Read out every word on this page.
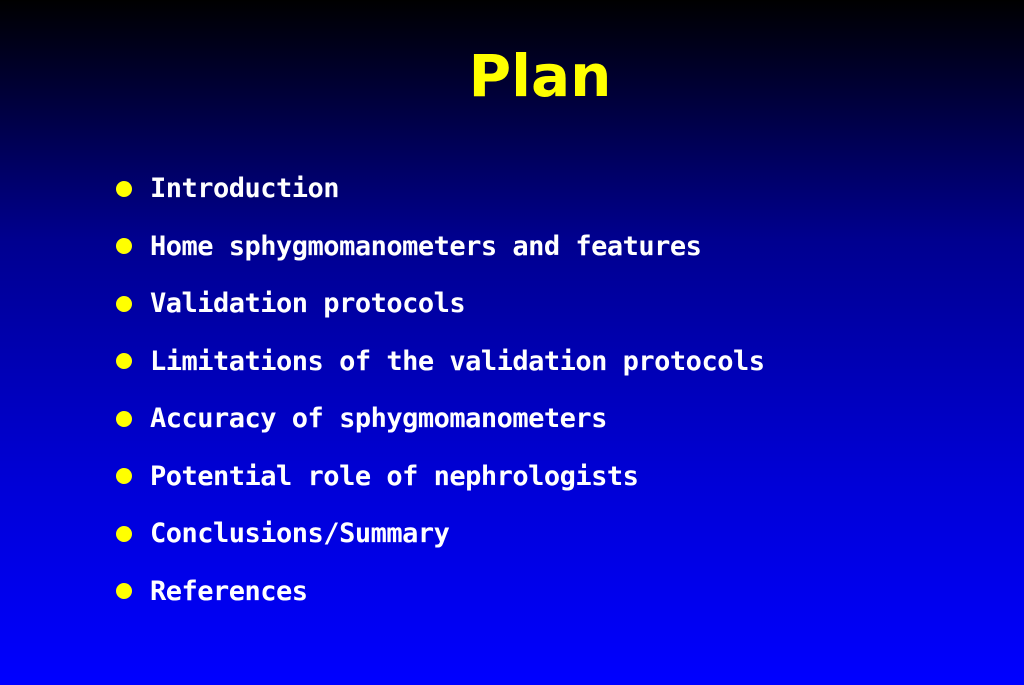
Plan
Introduction
Home sphygmomanometers and features
Validation protocols
Limitations of the validation protocols
Accuracy of sphygmomanometers
Potential role of nephrologists
Conclusions/Summary
References
